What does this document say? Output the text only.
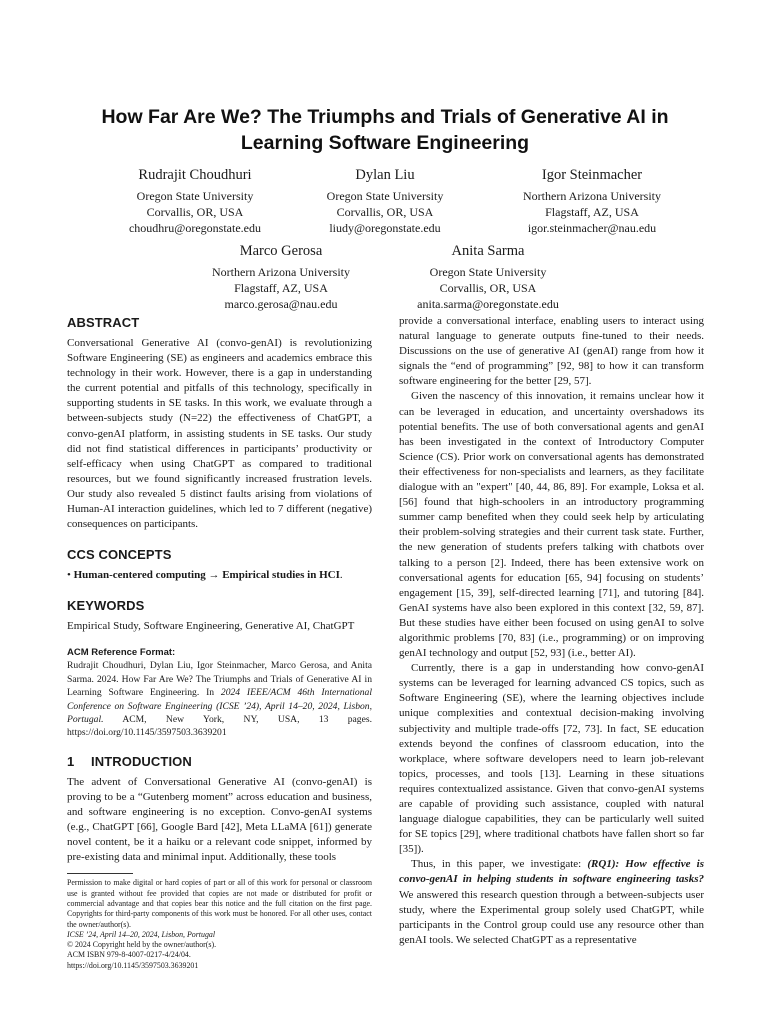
How Far Are We? The Triumphs and Trials of Generative AI in
Learning Software Engineering
Rudrajit Choudhuri
Oregon State University
Corvallis, OR, USA
choudhru@oregonstate.edu
Dylan Liu
Oregon State University
Corvallis, OR, USA
liudy@oregonstate.edu
Igor Steinmacher
Northern Arizona University
Flagstaff, AZ, USA
igor.steinmacher@nau.edu
Marco Gerosa
Northern Arizona University
Flagstaff, AZ, USA
marco.gerosa@nau.edu
Anita Sarma
Oregon State University
Corvallis, OR, USA
anita.sarma@oregonstate.edu
ABSTRACT

Conversational Generative AI (convo-genAI) is revolutionizing Software Engineering (SE) as engineers and academics embrace this technology in their work. However, there is a gap in understanding the current potential and pitfalls of this technology, specifically in supporting students in SE tasks. In this work, we evaluate through a between-subjects study (N=22) the effectiveness of ChatGPT, a convo-genAI platform, in assisting students in SE tasks. Our study did not find statistical differences in participants’ productivity or self-efficacy when using ChatGPT as compared to traditional resources, but we found significantly increased frustration levels. Our study also revealed 5 distinct faults arising from violations of Human-AI interaction guidelines, which led to 7 different (negative) consequences on participants.

CCS CONCEPTS

• Human-centered computing → Empirical studies in HCI.

KEYWORDS

Empirical Study, Software Engineering, Generative AI, ChatGPT

ACM Reference Format:

Rudrajit Choudhuri, Dylan Liu, Igor Steinmacher, Marco Gerosa, and Anita Sarma. 2024. How Far Are We? The Triumphs and Trials of Generative AI in Learning Software Engineering. In 2024 IEEE/ACM 46th International Conference on Software Engineering (ICSE ’24), April 14–20, 2024, Lisbon, Portugal. ACM, New York, NY, USA, 13 pages. https://doi.org/10.1145/3597503.3639201

1 INTRODUCTION

The advent of Conversational Generative AI (convo-genAI) is proving to be a “Gutenberg moment” across education and business, and software engineering is no exception. Convo-genAI systems (e.g., ChatGPT [66], Google Bard [42], Meta LLaMA [61]) generate novel content, be it a haiku or a relevant code snippet, informed by pre-existing data and minimal input. Additionally, these tools

Permission to make digital or hard copies of part or all of this work for personal or classroom use is granted without fee provided that copies are not made or distributed for profit or commercial advantage and that copies bear this notice and the full citation on the first page. Copyrights for third-party components of this work must be honored. For all other uses, contact the owner/author(s).

ICSE ’24, April 14–20, 2024, Lisbon, Portugal

© 2024 Copyright held by the owner/author(s).

ACM ISBN 979-8-4007-0217-4/24/04.

https://doi.org/10.1145/3597503.3639201

provide a conversational interface, enabling users to interact using natural language to generate outputs fine-tuned to their needs. Discussions on the use of generative AI (genAI) range from how it signals the “end of programming” [92, 98] to how it can transform software engineering for the better [29, 57].

Given the nascency of this innovation, it remains unclear how it can be leveraged in education, and uncertainty overshadows its potential benefits. The use of both conversational agents and genAI has been investigated in the context of Introductory Computer Science (CS). Prior work on conversational agents has demonstrated their effectiveness for non-specialists and learners, as they facilitate dialogue with an "expert" [40, 44, 86, 89]. For example, Loksa et al. [56] found that high-schoolers in an introductory programming summer camp benefited when they could seek help by articulating their problem-solving strategies and their current task state. Further, the new generation of students prefers talking with chatbots over talking to a person [2]. Indeed, there has been extensive work on conversational agents for education [65, 94] focusing on students’ engagement [15, 39], self-directed learning [71], and tutoring [84]. GenAI systems have also been explored in this context [32, 59, 87]. But these studies have either been focused on using genAI to solve algorithmic problems [70, 83] (i.e., programming) or on improving genAI technology and output [52, 93] (i.e., better AI).

Currently, there is a gap in understanding how convo-genAI systems can be leveraged for learning advanced CS topics, such as Software Engineering (SE), where the learning objectives include unique complexities and contextual decision-making involving subjectivity and multiple trade-offs [72, 73]. In fact, SE education extends beyond the confines of classroom education, into the workplace, where software developers need to learn job-relevant topics, processes, and tools [13]. Learning in these situations requires contextualized assistance. Given that convo-genAI systems are capable of providing such assistance, coupled with natural language dialogue capabilities, they can be particularly well suited for SE topics [29], where traditional chatbots have fallen short so far [35]).

Thus, in this paper, we investigate: (RQ1): How effective is convo-genAI in helping students in software engineering tasks? We answered this research question through a between-subjects user study, where the Experimental group solely used ChatGPT, while participants in the Control group could use any resource other than genAI tools. We selected ChatGPT as a representative
